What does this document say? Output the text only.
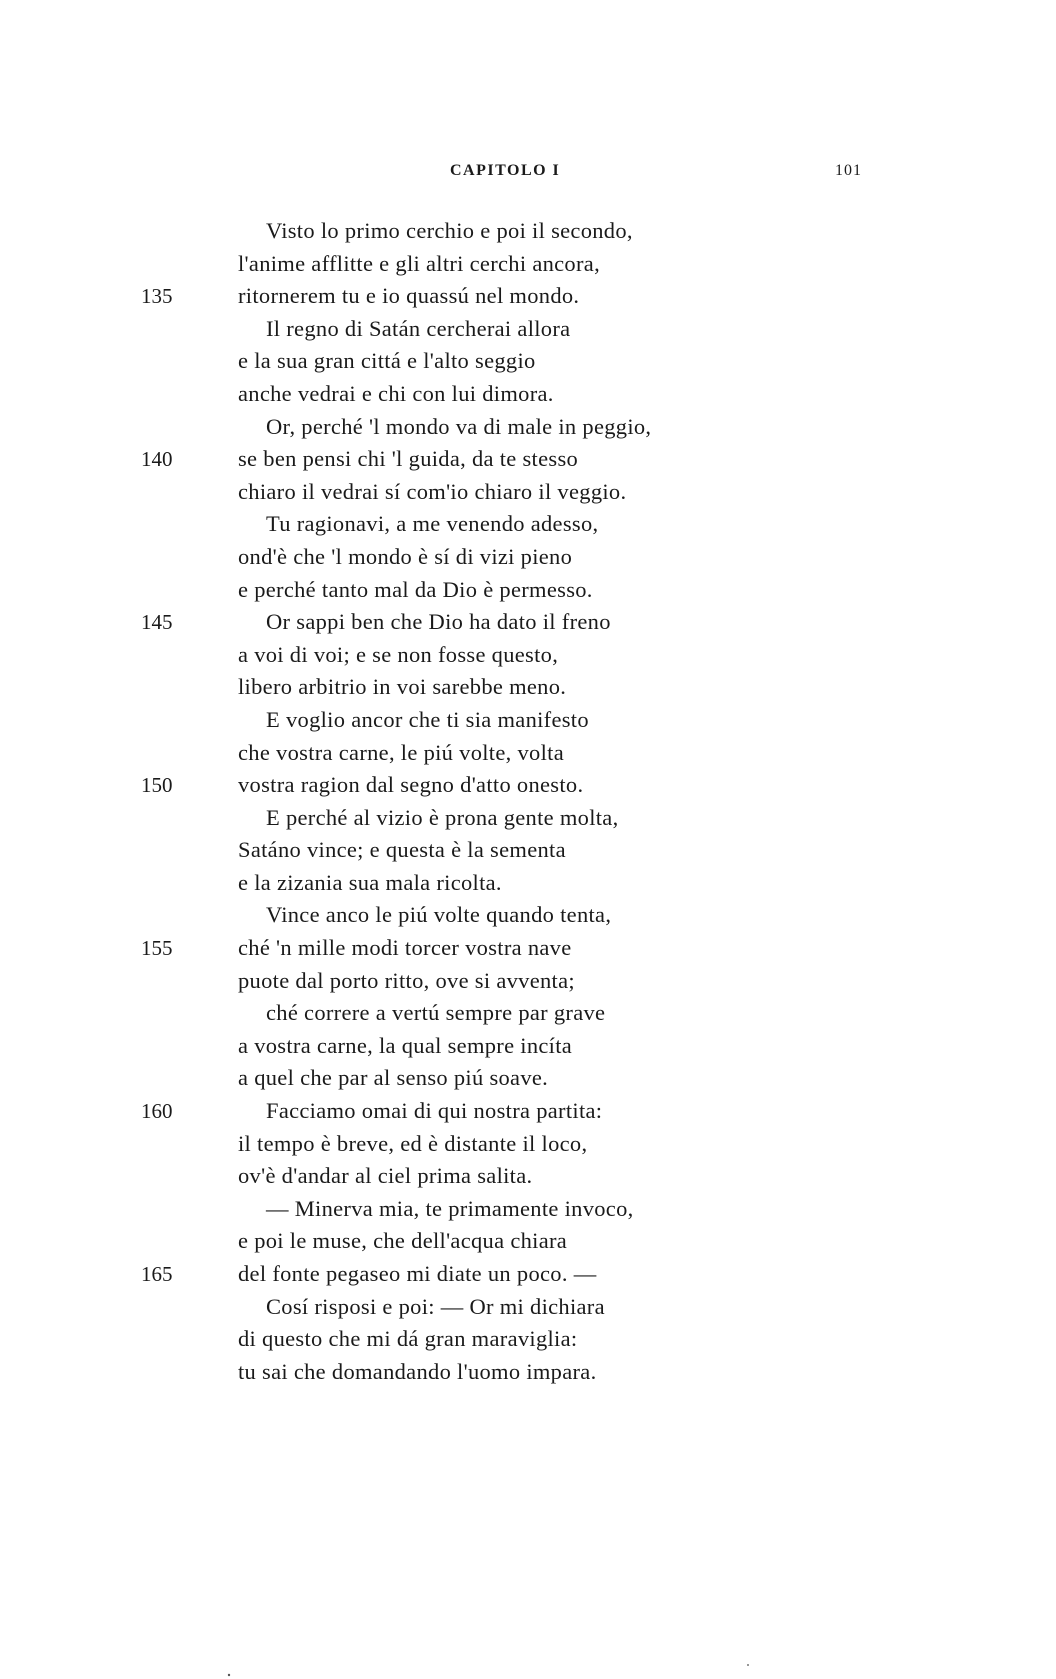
CAPITOLO I	101
Visto lo primo cerchio e poi il secondo,
l'anime afflitte e gli altri cerchi ancora,
135	ritornerem tu e io quassú nel mondo.
Il regno di Satán cercherai allora
e la sua gran cittá e l'alto seggio
anche vedrai e chi con lui dimora.
Or, perché 'l mondo va di male in peggio,
140	se ben pensi chi 'l guida, da te stesso
chiaro il vedrai sí com'io chiaro il veggio.
Tu ragionavi, a me venendo adesso,
ond'è che 'l mondo è sí di vizi pieno
e perché tanto mal da Dio è permesso.
145	Or sappi ben che Dio ha dato il freno
a voi di voi; e se non fosse questo,
libero arbitrio in voi sarebbe meno.
E voglio ancor che ti sia manifesto
che vostra carne, le piú volte, volta
150	vostra ragion dal segno d'atto onesto.
E perché al vizio è prona gente molta,
Satáno vince; e questa è la sementa
e la zizania sua mala ricolta.
Vince anco le piú volte quando tenta,
155	ché 'n mille modi torcer vostra nave
puote dal porto ritto, ove si avventa;
ché correre a vertú sempre par grave
a vostra carne, la qual sempre incíta
a quel che par al senso piú soave.
160	Facciamo omai di qui nostra partita:
il tempo è breve, ed è distante il loco,
ov'è d'andar al ciel prima salita.
— Minerva mia, te primamente invoco,
e poi le muse, che dell'acqua chiara
165	del fonte pegaseo mi diate un poco. —
Cosí risposi e poi: — Or mi dichiara
di questo che mi dá gran maraviglia:
tu sai che domandando l'uomo impara.
